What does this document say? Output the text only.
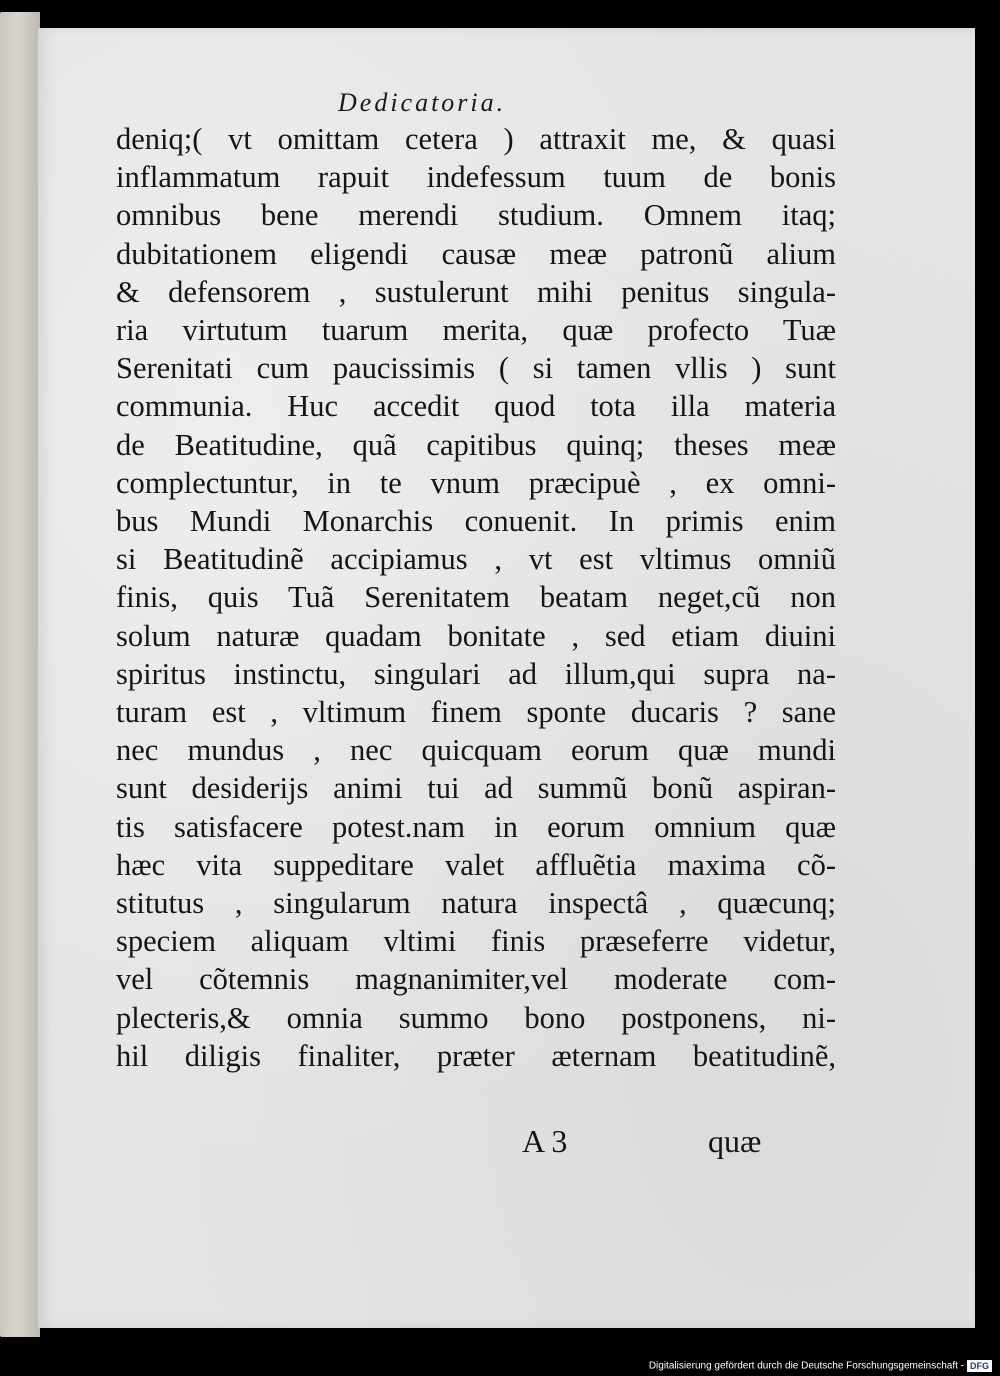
Dedicatoria.
deniq;( vt omittam cetera ) attraxit me, & quasi
inflammatum rapuit indefessum tuum de bonis
omnibus bene merendi studium. Omnem itaq;
dubitationem eligendi causæ meæ patronũ alium
& defensorem , sustulerunt mihi penitus singula-
ria virtutum tuarum merita, quæ profecto Tuæ
Serenitati cum paucissimis ( si tamen vllis ) sunt
communia. Huc accedit quod tota illa materia
de Beatitudine, quã capitibus quinq; theses meæ
complectuntur, in te vnum præcipuè , ex omni-
bus Mundi Monarchis conuenit. In primis enim
si Beatitudinẽ accipiamus , vt est vltimus omniũ
finis, quis Tuã Serenitatem beatam neget,cũ non
solum naturæ quadam bonitate , sed etiam diuini
spiritus instinctu, singulari ad illum,qui supra na-
turam est , vltimum finem sponte ducaris ? sane
nec mundus , nec quicquam eorum quæ mundi
sunt desiderijs animi tui ad summũ bonũ aspiran-
tis satisfacere potest.nam in eorum omnium quæ
hæc vita suppeditare valet affluẽtia maxima cõ-
stitutus , singularum natura inspectâ , quæcunq;
speciem aliquam vltimi finis præseferre videtur,
vel cõtemnis magnanimiter,vel moderate com-
plecteris,& omnia summo bono postponens, ni-
hil diligis finaliter, præter æternam beatitudinẽ,
A 3	quæ
Digitalisierung gefördert durch die Deutsche Forschungsgemeinschaft - DFG
